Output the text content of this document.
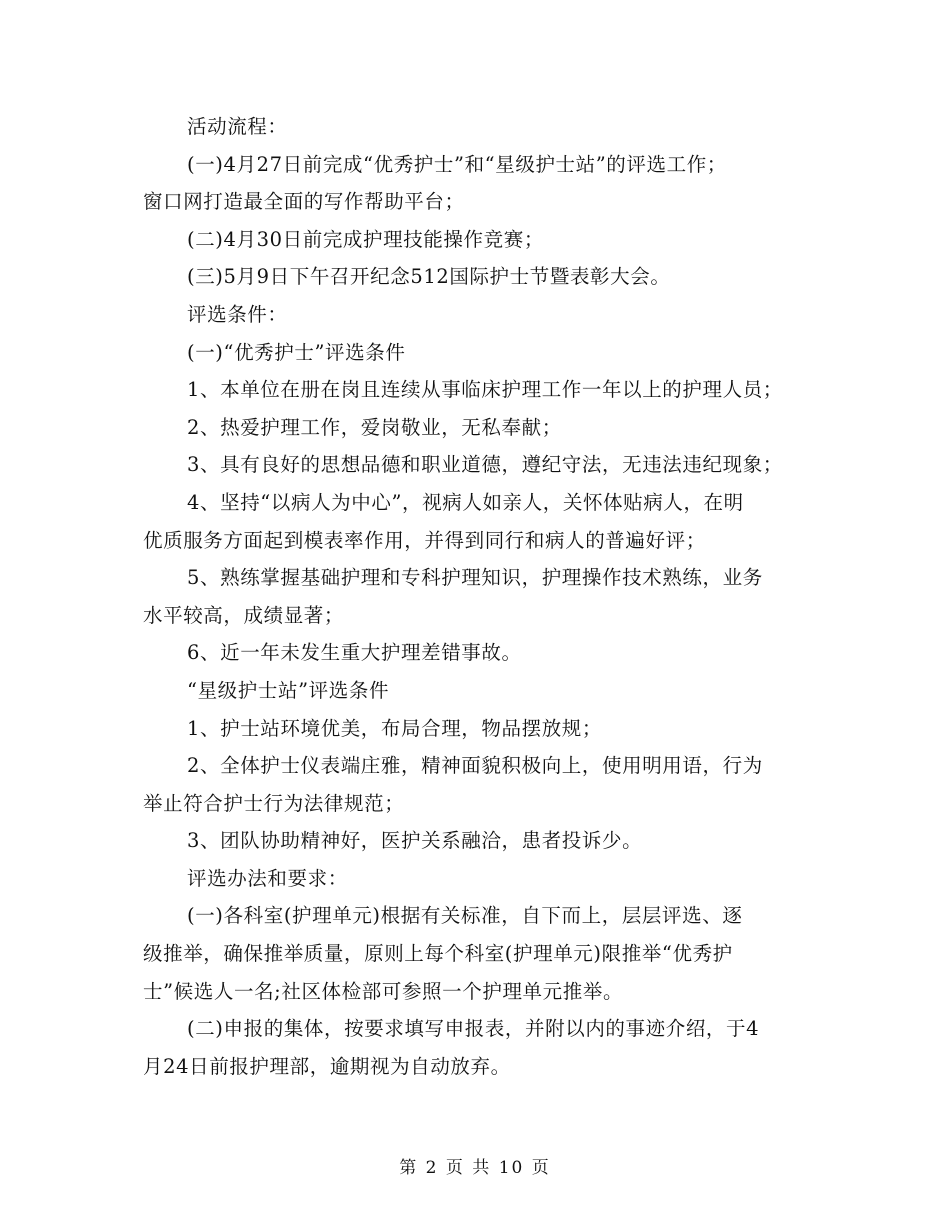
活动流程：
(一)4月27日前完成“优秀护士”和“星级护士站”的评选工作；
窗口网打造最全面的写作帮助平台；
(二)4月30日前完成护理技能操作竞赛；
(三)5月9日下午召开纪念512国际护士节暨表彰大会。
评选条件：
(一)“优秀护士”评选条件
1、本单位在册在岗且连续从事临床护理工作一年以上的护理人员；
2、热爱护理工作，爱岗敬业，无私奉献；
3、具有良好的思想品德和职业道德，遵纪守法，无违法违纪现象；
4、坚持“以病人为中心”，视病人如亲人，关怀体贴病人，在明
优质服务方面起到模表率作用，并得到同行和病人的普遍好评；
5、熟练掌握基础护理和专科护理知识，护理操作技术熟练，业务
水平较高，成绩显著；
6、近一年未发生重大护理差错事故。
“星级护士站”评选条件
1、护士站环境优美，布局合理，物品摆放规；
2、全体护士仪表端庄雅，精神面貌积极向上，使用明用语，行为
举止符合护士行为法律规范；
3、团队协助精神好，医护关系融洽，患者投诉少。
评选办法和要求：
(一)各科室(护理单元)根据有关标准，自下而上，层层评选、逐
级推举，确保推举质量，原则上每个科室(护理单元)限推举“优秀护
士”候选人一名;社区体检部可参照一个护理单元推举。
(二)申报的集体，按要求填写申报表，并附以内的事迹介绍，于4
月24日前报护理部，逾期视为自动放弃。
第 2 页 共 10 页
